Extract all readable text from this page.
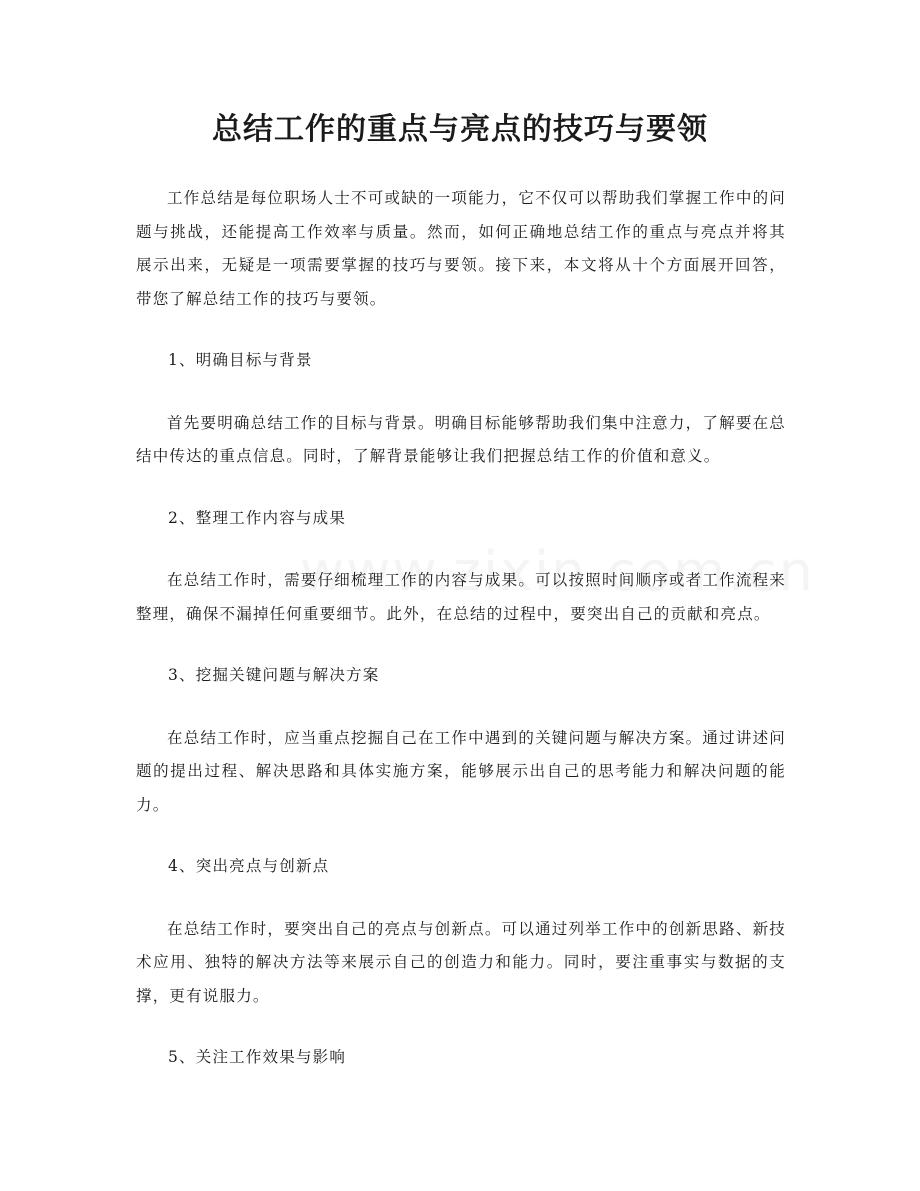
总结工作的重点与亮点的技巧与要领

工作总结是每位职场人士不可或缺的一项能力，它不仅可以帮助我们掌握工作中的问题与挑战，还能提高工作效率与质量。然而，如何正确地总结工作的重点与亮点并将其展示出来，无疑是一项需要掌握的技巧与要领。接下来，本文将从十个方面展开回答，带您了解总结工作的技巧与要领。

1、明确目标与背景

首先要明确总结工作的目标与背景。明确目标能够帮助我们集中注意力，了解要在总结中传达的重点信息。同时，了解背景能够让我们把握总结工作的价值和意义。

2、整理工作内容与成果

在总结工作时，需要仔细梳理工作的内容与成果。可以按照时间顺序或者工作流程来整理，确保不漏掉任何重要细节。此外，在总结的过程中，要突出自己的贡献和亮点。

3、挖掘关键问题与解决方案

在总结工作时，应当重点挖掘自己在工作中遇到的关键问题与解决方案。通过讲述问题的提出过程、解决思路和具体实施方案，能够展示出自己的思考能力和解决问题的能力。

4、突出亮点与创新点

在总结工作时，要突出自己的亮点与创新点。可以通过列举工作中的创新思路、新技术应用、独特的解决方法等来展示自己的创造力和能力。同时，要注重事实与数据的支撑，更有说服力。

5、关注工作效果与影响
